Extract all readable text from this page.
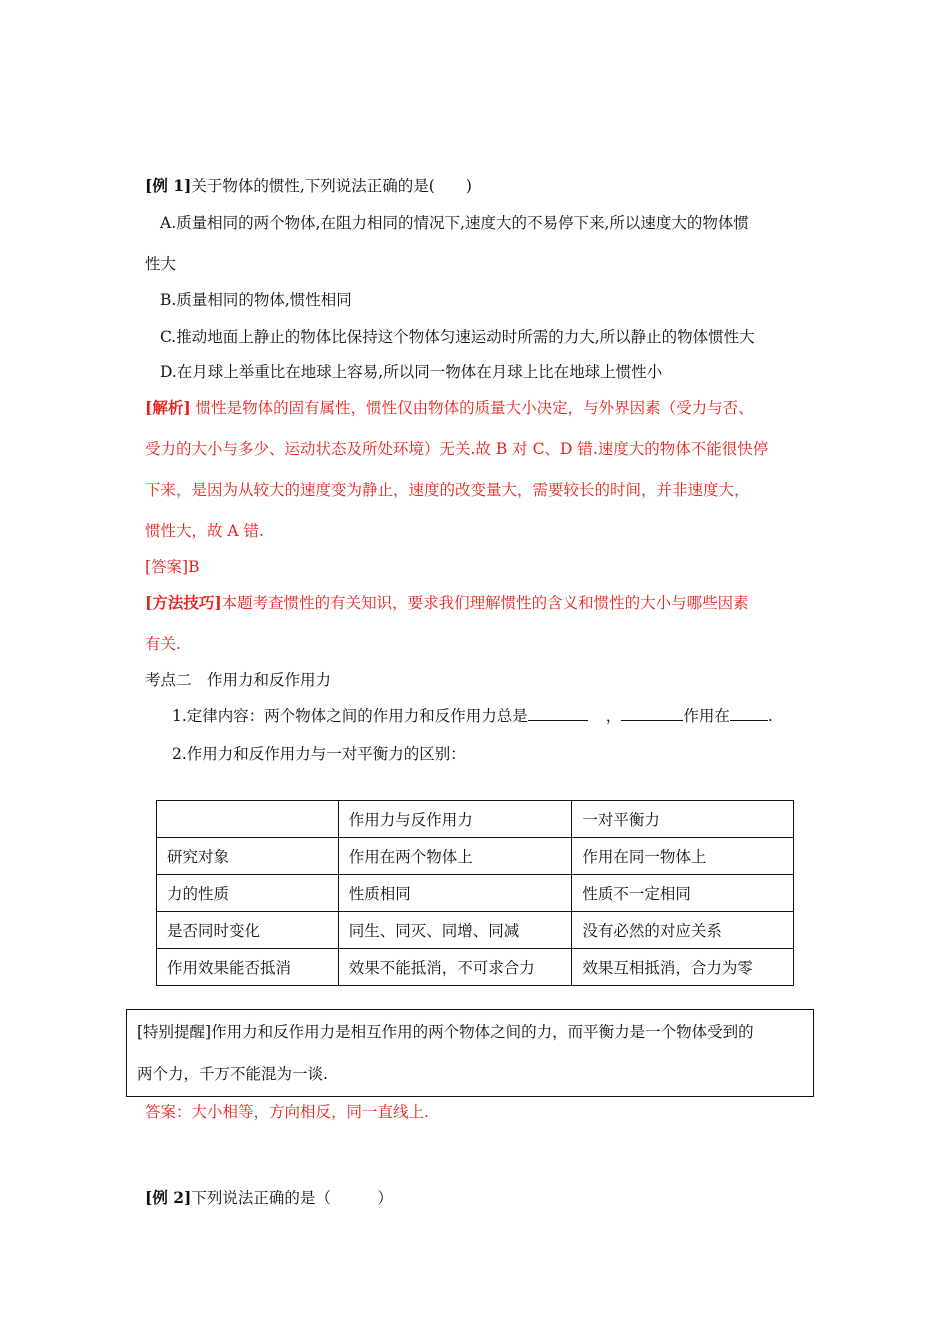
[例 1]关于物体的惯性,下列说法正确的是(　　)
A.质量相同的两个物体,在阻力相同的情况下,速度大的不易停下来,所以速度大的物体惯
性大
B.质量相同的物体,惯性相同
C.推动地面上静止的物体比保持这个物体匀速运动时所需的力大,所以静止的物体惯性大
D.在月球上举重比在地球上容易,所以同一物体在月球上比在地球上惯性小
[解析] 惯性是物体的固有属性，惯性仅由物体的质量大小决定，与外界因素（受力与否、
受力的大小与多少、运动状态及所处环境）无关.故 B 对 C、D 错.速度大的物体不能很快停
下来，是因为从较大的速度变为静止，速度的改变量大，需要较长的时间，并非速度大，
惯性大，故 A 错.
[答案]B
[方法技巧]本题考查惯性的有关知识，要求我们理解惯性的含义和惯性的大小与哪些因素
有关.
考点二　作用力和反作用力
1.定律内容：两个物体之间的作用力和反作用力总是	，	作用在 .
2.作用力和反作用力与一对平衡力的区别：
	作用力与反作用力	一对平衡力
研究对象	作用在两个物体上	作用在同一物体上
力的性质	性质相同	性质不一定相同
是否同时变化	同生、同灭、同增、同减	没有必然的对应关系
作用效果能否抵消	效果不能抵消，不可求合力	效果互相抵消，合力为零
[特别提醒]作用力和反作用力是相互作用的两个物体之间的力，而平衡力是一个物体受到的
两个力，千万不能混为一谈.
答案：大小相等，方向相反，同一直线上.
[例 2]下列说法正确的是（　　　）
